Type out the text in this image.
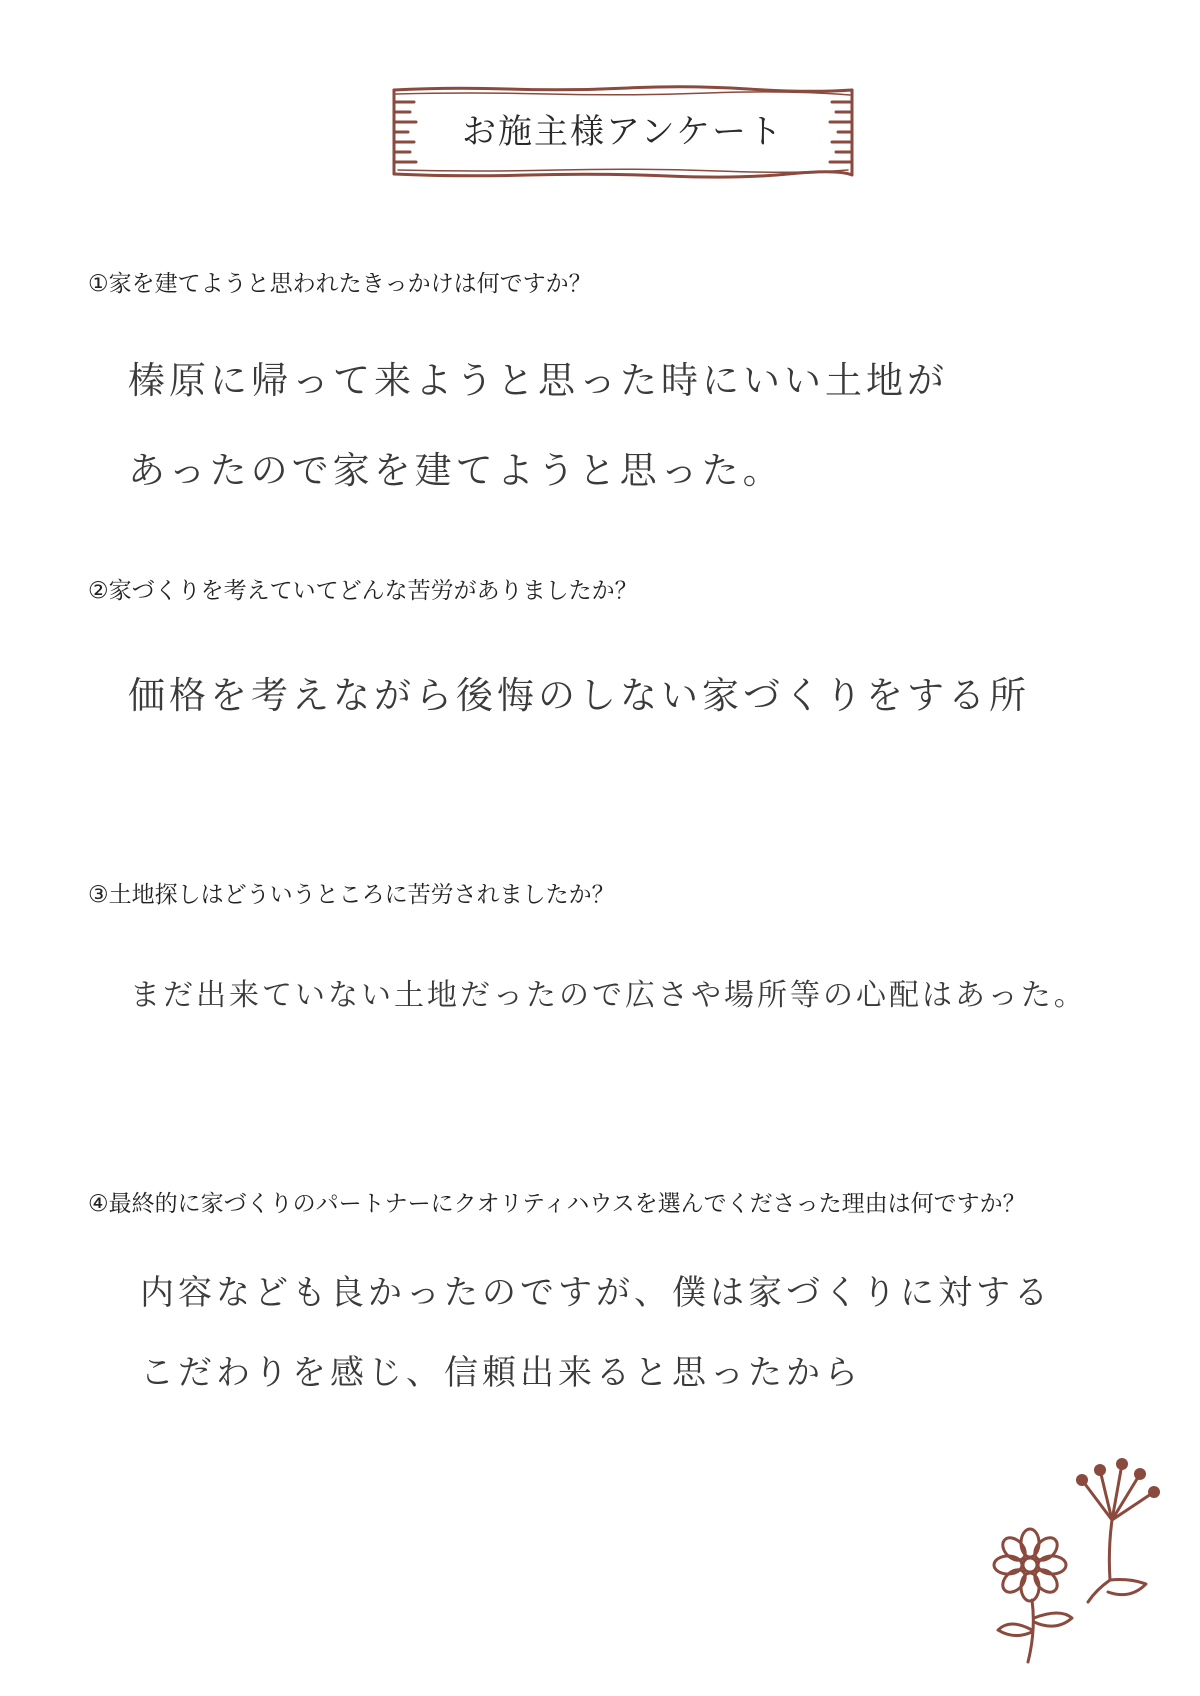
お施主様アンケート
①家を建てようと思われたきっかけは何ですか？
榛原に帰って来ようと思った時にいい土地が
あったので家を建てようと思った。
②家づくりを考えていてどんな苦労がありましたか？
価格を考えながら後悔のしない家づくりをする所
③土地探しはどういうところに苦労されましたか？
まだ出来ていない土地だったので広さや場所等の心配はあった。
④最終的に家づくりのパートナーにクオリティハウスを選んでくださった理由は何ですか？
内容なども良かったのですが、僕は家づくりに対する
こだわりを感じ、信頼出来ると思ったから
